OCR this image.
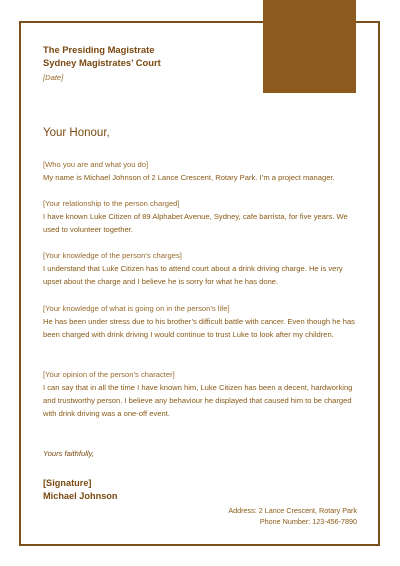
The Presiding Magistrate
Sydney Magistrates’ Court
[Date]
Your Honour,
[Who you are and what you do]
My name is Michael Johnson of 2 Lance Crescent, Rotary Park. I’m a project manager.
[Your relationship to the person charged]
I have known Luke Citizen of 89 Alphabet Avenue, Sydney, cafe barrista, for five years. We used to volunteer together.
[Your knowledge of the person’s charges]
I understand that Luke Citizen has to attend court about a drink driving charge. He is very upset about the charge and I believe he is sorry for what he has done.
[Your knowledge of what is going on in the person’s life]
He has been under stress due to his brother’s difficult battle with cancer. Even though he has been charged with drink driving I would continue to trust Luke to look after my children.
[Your opinion of the person’s character]
I can say that in all the time I have known him, Luke Citizen has been a decent, hardworking and trustworthy person. I believe any behaviour he displayed that caused him to be charged with drink driving was a one-off event.
Yours faithfully,
[Signature]
Michael Johnson
Address: 2 Lance Crescent, Rotary Park
Phone Number: 123-456-7890
